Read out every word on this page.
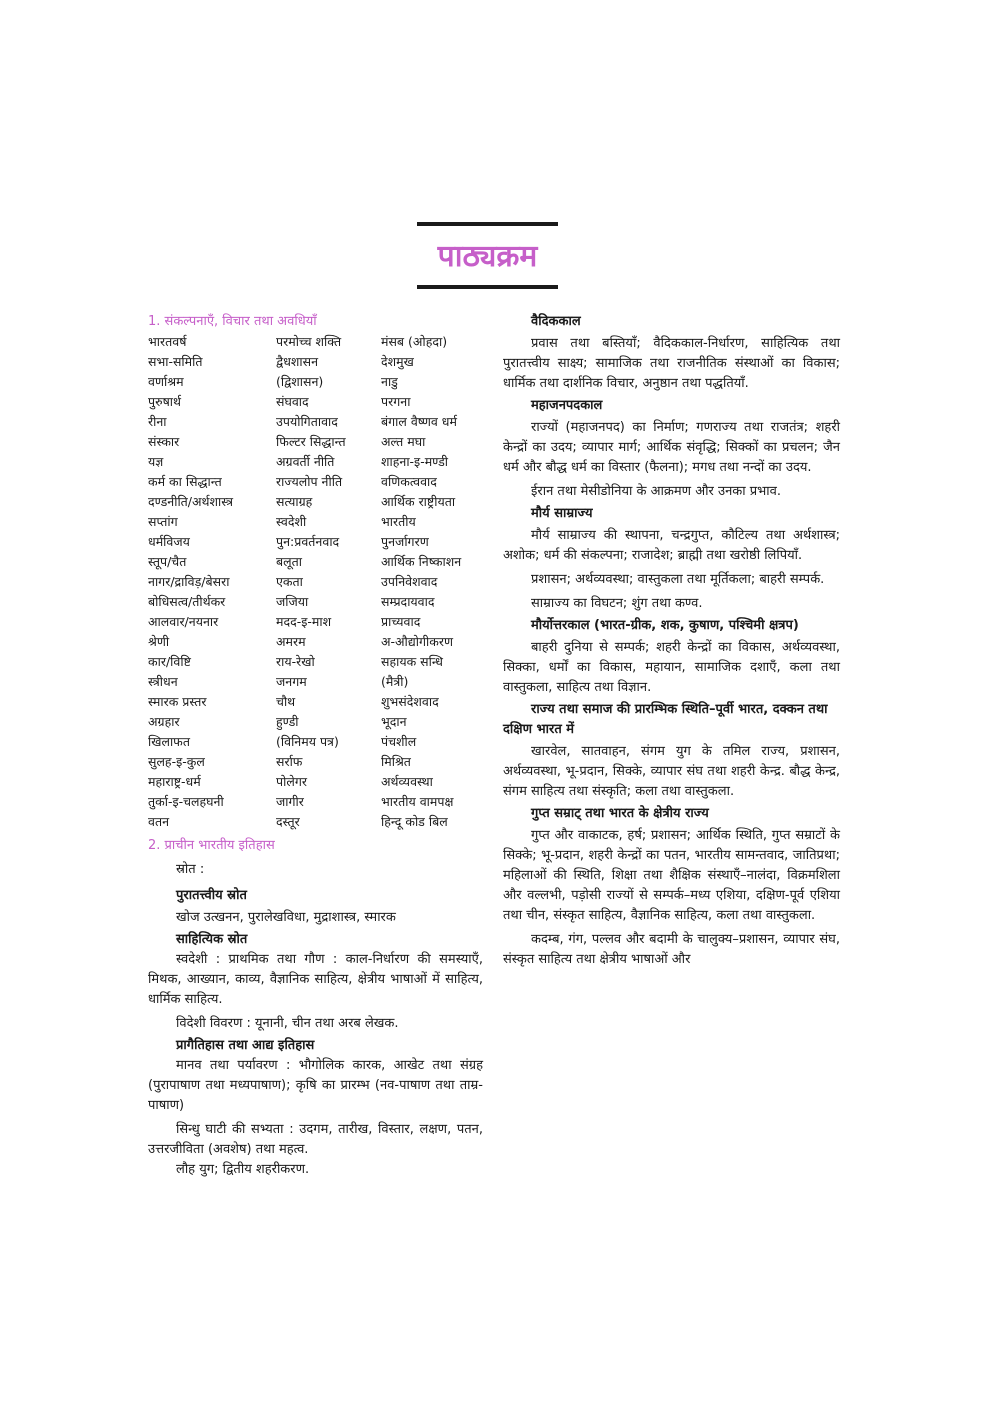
पाठ्यक्रम

1. संकल्पनाएँ, विचार तथा अवधियाँ

भारतवर्ष	परमोच्च शक्ति	मंसब (ओहदा)
सभा-समिति	द्वैधशासन	देशमुख
वर्णाश्रम	(द्विशासन)	नाडु
पुरुषार्थ	संघवाद	परगना
रीना	उपयोगितावाद	बंगाल वैष्णव धर्म
संस्कार	फिल्टर सिद्धान्त	अल्त मघा
यज्ञ	अग्रवर्ती नीति	शाहना-इ-मण्डी
कर्म का सिद्धान्त	राज्यलोप नीति	वणिकत्ववाद
दण्डनीति/अर्थशास्त्र	सत्याग्रह	आर्थिक राष्ट्रीयता
सप्तांग	स्वदेशी	भारतीय
धर्मविजय	पुन:प्रवर्तनवाद	पुनर्जागरण
स्तूप/चैत	बलूता	आर्थिक निष्काशन
नागर/द्राविड़/बेसरा	एकता	उपनिवेशवाद
बोधिसत्व/तीर्थकर	जजिया	सम्प्रदायवाद
आलवार/नयनार	मदद-इ-माश	प्राच्यवाद
श्रेणी	अमरम	अ-औद्योगीकरण
कार/विष्टि	राय-रेखो	सहायक सन्धि
स्त्रीधन	जनगम	(मैत्री)
स्मारक प्रस्तर	चौथ	शुभसंदेशवाद
अग्रहार	हुण्डी	भूदान
खिलाफत	(विनिमय पत्र)	पंचशील
सुलह-इ-कुल	सर्राफ	मिश्रित
महाराष्ट्र-धर्म	पोलेगर	अर्थव्यवस्था
तुर्का-इ-चलहघनी	जागीर	भारतीय वामपक्ष
वतन	दस्तूर	हिन्दू कोड बिल

2. प्राचीन भारतीय इतिहास

स्रोत :

पुरातत्त्वीय स्रोत

खोज उत्खनन, पुरालेखविधा, मुद्राशास्त्र, स्मारक

साहित्यिक स्रोत

स्वदेशी : प्राथमिक तथा गौण : काल-निर्धारण की समस्याएँ, मिथक, आख्यान, काव्य, वैज्ञानिक साहित्य, क्षेत्रीय भाषाओं में साहित्य, धार्मिक साहित्य.

विदेशी विवरण : यूनानी, चीन तथा अरब लेखक.

प्रागैतिहास तथा आद्य इतिहास

मानव तथा पर्यावरण : भौगोलिक कारक, आखेट तथा संग्रह (पुरापाषाण तथा मध्यपाषाण); कृषि का प्रारम्भ (नव-पाषाण तथा ताम्र-पाषाण)

सिन्धु घाटी की सभ्यता : उदगम, तारीख, विस्तार, लक्षण, पतन, उत्तरजीविता (अवशेष) तथा महत्व.

लौह युग; द्वितीय शहरीकरण.

वैदिककाल

प्रवास तथा बस्तियाँ; वैदिककाल-निर्धारण, साहित्यिक तथा पुरातत्त्वीय साक्ष्य; सामाजिक तथा राजनीतिक संस्थाओं का विकास; धार्मिक तथा दार्शनिक विचार, अनुष्ठान तथा पद्धतियाँ.

महाजनपदकाल

राज्यों (महाजनपद) का निर्माण; गणराज्य तथा राजतंत्र; शहरी केन्द्रों का उदय; व्यापार मार्ग; आर्थिक संवृद्धि; सिक्कों का प्रचलन; जैन धर्म और बौद्ध धर्म का विस्तार (फैलना); मगध तथा नन्दों का उदय.

ईरान तथा मेसीडोनिया के आक्रमण और उनका प्रभाव.

मौर्य साम्राज्य

मौर्य साम्राज्य की स्थापना, चन्द्रगुप्त, कौटिल्य तथा अर्थशास्त्र; अशोक; धर्म की संकल्पना; राजादेश; ब्राह्मी तथा खरोष्ठी लिपियाँ.

प्रशासन; अर्थव्यवस्था; वास्तुकला तथा मूर्तिकला; बाहरी सम्पर्क.

साम्राज्य का विघटन; शुंग तथा कण्व.

मौर्योत्तरकाल (भारत-ग्रीक, शक, कुषाण, पश्चिमी क्षत्रप)

बाहरी दुनिया से सम्पर्क; शहरी केन्द्रों का विकास, अर्थव्यवस्था, सिक्का, धर्मों का विकास, महायान, सामाजिक दशाएँ, कला तथा वास्तुकला, साहित्य तथा विज्ञान.

राज्य तथा समाज की प्रारम्भिक स्थिति–पूर्वी भारत, दक्कन तथा दक्षिण भारत में

खारवेल, सातवाहन, संगम युग के तमिल राज्य, प्रशासन, अर्थव्यवस्था, भू-प्रदान, सिक्के, व्यापार संघ तथा शहरी केन्द्र. बौद्ध केन्द्र, संगम साहित्य तथा संस्कृति; कला तथा वास्तुकला.

गुप्त सम्राट् तथा भारत के क्षेत्रीय राज्य

गुप्त और वाकाटक, हर्ष; प्रशासन; आर्थिक स्थिति, गुप्त सम्राटों के सिक्के; भू-प्रदान, शहरी केन्द्रों का पतन, भारतीय सामन्तवाद, जातिप्रथा; महिलाओं की स्थिति, शिक्षा तथा शैक्षिक संस्थाएँ–नालंदा, विक्रमशिला और वल्लभी, पड़ोसी राज्यों से सम्पर्क–मध्य एशिया, दक्षिण-पूर्व एशिया तथा चीन, संस्कृत साहित्य, वैज्ञानिक साहित्य, कला तथा वास्तुकला.

कदम्ब, गंग, पल्लव और बदामी के चालुक्य–प्रशासन, व्यापार संघ, संस्कृत साहित्य तथा क्षेत्रीय भाषाओं और
